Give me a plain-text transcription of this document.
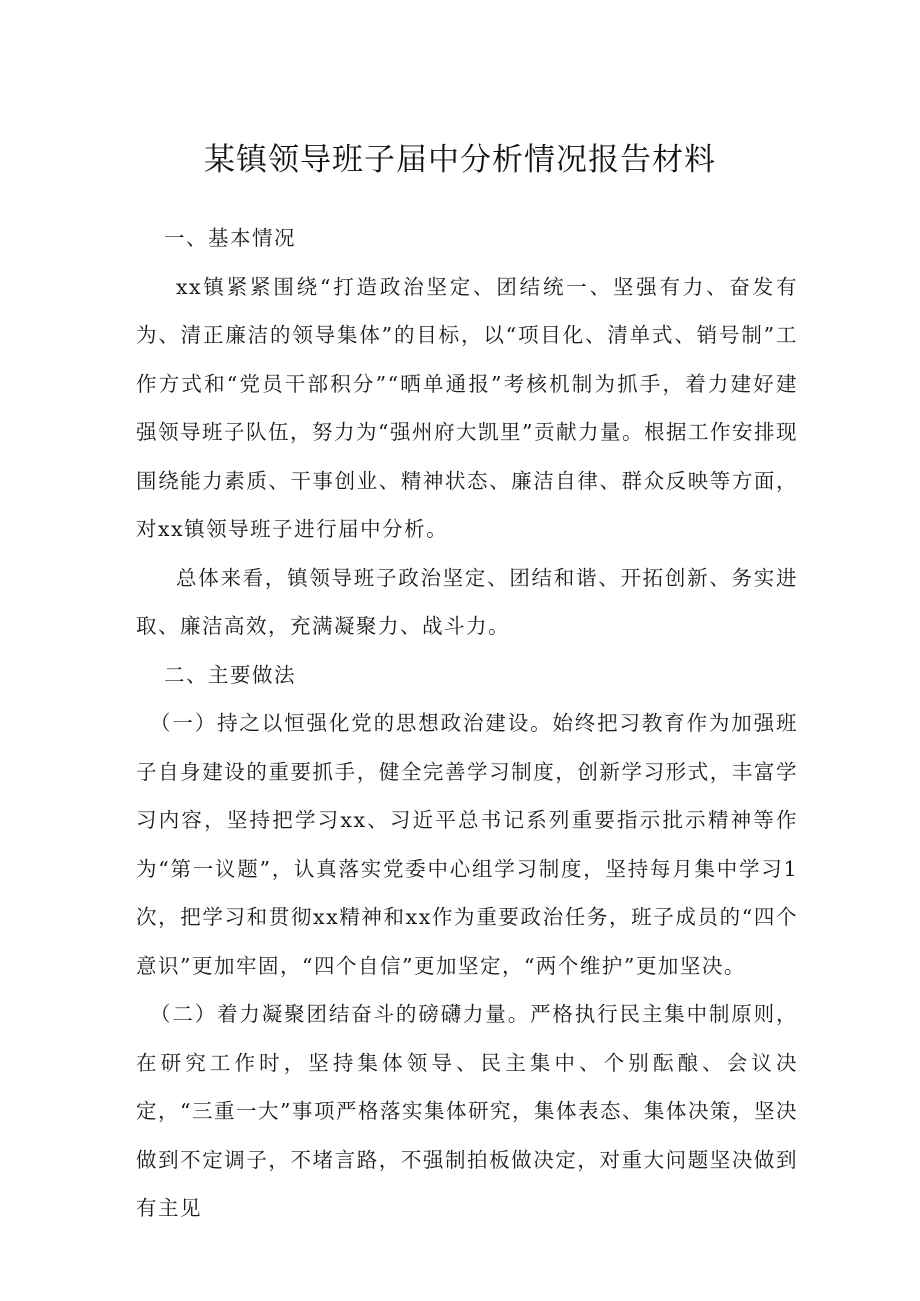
某镇领导班子届中分析情况报告材料

一、基本情况

xx镇紧紧围绕“打造政治坚定、团结统一、坚强有力、奋发有为、清正廉洁的领导集体”的目标，以“项目化、清单式、销号制”工作方式和“党员干部积分”“晒单通报”考核机制为抓手，着力建好建强领导班子队伍，努力为“强州府大凯里”贡献力量。根据工作安排现围绕能力素质、干事创业、精神状态、廉洁自律、群众反映等方面，对xx镇领导班子进行届中分析。

总体来看，镇领导班子政治坚定、团结和谐、开拓创新、务实进取、廉洁高效，充满凝聚力、战斗力。

二、主要做法

（一）持之以恒强化党的思想政治建设。始终把习教育作为加强班子自身建设的重要抓手，健全完善学习制度，创新学习形式，丰富学习内容，坚持把学习xx、习近平总书记系列重要指示批示精神等作为“第一议题”，认真落实党委中心组学习制度，坚持每月集中学习1次，把学习和贯彻xx精神和xx作为重要政治任务，班子成员的“四个意识”更加牢固，“四个自信”更加坚定，“两个维护”更加坚决。

（二）着力凝聚团结奋斗的磅礴力量。严格执行民主集中制原则，在研究工作时，坚持集体领导、民主集中、个别酝酿、会议决定，“三重一大”事项严格落实集体研究，集体表态、集体决策，坚决做到不定调子，不堵言路，不强制拍板做决定，对重大问题坚决做到有主见
